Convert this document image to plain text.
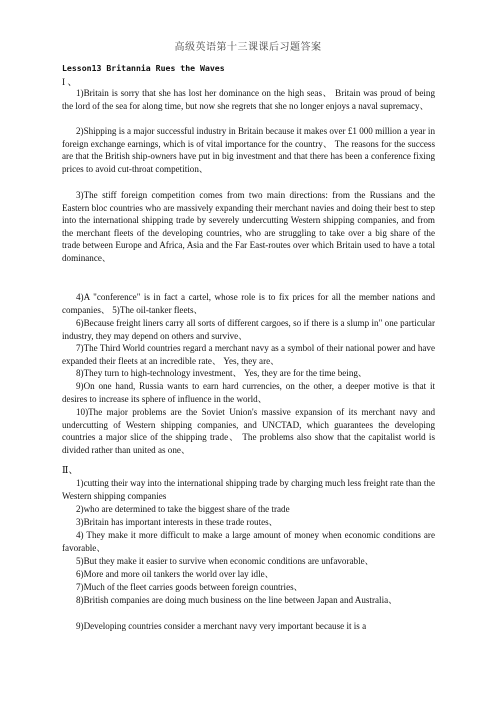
高级英语第十三课课后习题答案
Lesson13 Britannia Rues the Waves
I 、
1)Britain is sorry that she has lost her dominance on the high seas、 Britain was proud of being the lord of the sea for along time, but now she regrets that she no longer enjoys a naval supremacy、
2)Shipping is a major successful industry in Britain because it makes over £1 000 million a year in foreign exchange earnings, which is of vital importance for the country、 The reasons for the success are that the British ship-owners have put in big investment and that there has been a conference fixing prices to avoid cut-throat competition、
3)The stiff foreign competition comes from two main directions: from the Russians and the Eastern bloc countries who are massively expanding their merchant navies and doing their best to step into the international shipping trade by severely undercutting Western shipping companies, and from the merchant fleets of the developing countries, who are struggling to take over a big share of the trade between Europe and Africa, Asia and the Far East-routes over which Britain used to have a total dominance、
4)A "conference" is in fact a cartel, whose role is to fix prices for all the member nations and companies、 5)The oil-tanker fleets、
6)Because freight liners carry all sorts of different cargoes, so if there is a slump in" one particular industry, they may depend on others and survive、
7)The Third World countries regard a merchant navy as a symbol of their national power and have expanded their fleets at an incredible rate、 Yes, they are、
8)They turn to high-technology investment、 Yes, they are for the time being、
9)On one hand, Russia wants to earn hard currencies, on the other, a deeper motive is that it desires to increase its sphere of influence in the world、
10)The major problems are the Soviet Union's massive expansion of its merchant navy and undercutting of Western shipping companies, and UNCTAD, which guarantees the developing countries a major slice of the shipping trade、 The problems also show that the capitalist world is divided rather than united as one、
Ⅱ、
1)cutting their way into the international shipping trade by charging much less freight rate than the Western shipping companies
2)who are determined to take the biggest share of the trade
3)Britain has important interests in these trade routes、
4) They make it more difficult to make a large amount of money when economic conditions are favorable、
5)But they make it easier to survive when economic conditions are unfavorable、
6)More and more oil tankers the world over lay idle、
7)Much of the fleet carries goods between foreign countries、
8)British companies are doing much business on the line between Japan and Australia、
9)Developing countries consider a merchant navy very important because it is a
